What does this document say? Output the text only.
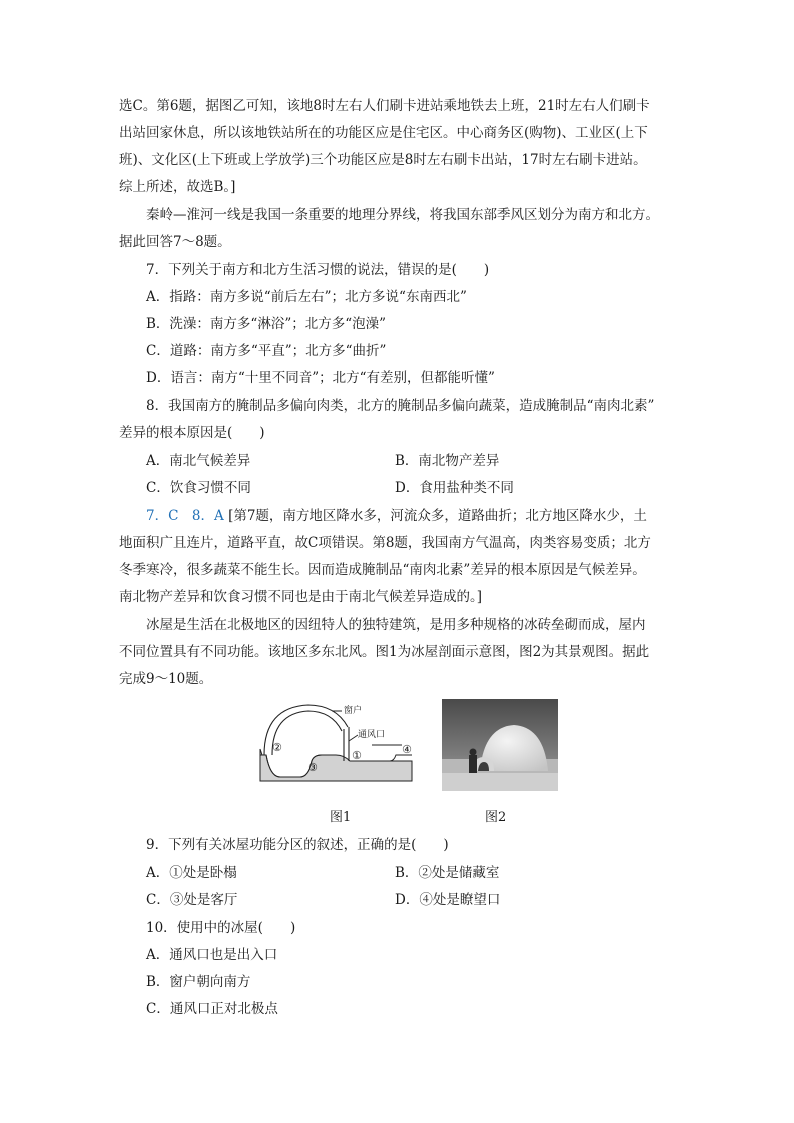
选C。第6题，据图乙可知，该地8时左右人们刷卡进站乘地铁去上班，21时左右人们刷卡
出站回家休息，所以该地铁站所在的功能区应是住宅区。中心商务区(购物)、工业区(上下
班)、文化区(上下班或上学放学)三个功能区应是8时左右刷卡出站，17时左右刷卡进站。
综上所述，故选B。]
秦岭—淮河一线是我国一条重要的地理分界线，将我国东部季风区划分为南方和北方。
据此回答7～8题。
7．下列关于南方和北方生活习惯的说法，错误的是(　　)
A．指路：南方多说“前后左右”；北方多说“东南西北”
B．洗澡：南方多“淋浴”；北方多“泡澡”
C．道路：南方多“平直”；北方多“曲折”
D．语言：南方“十里不同音”；北方“有差别，但都能听懂”
8．我国南方的腌制品多偏向肉类，北方的腌制品多偏向蔬菜，造成腌制品“南肉北素”
差异的根本原因是(　　)
A．南北气候差异	B．南北物产差异
C．饮食习惯不同	D．食用盐种类不同
7．C　8．A [第7题，南方地区降水多，河流众多，道路曲折；北方地区降水少，土
地面积广且连片，道路平直，故C项错误。第8题，我国南方气温高，肉类容易变质；北方
冬季寒冷，很多蔬菜不能生长。因而造成腌制品“南肉北素”差异的根本原因是气候差异。
南北物产差异和饮食习惯不同也是由于南北气候差异造成的。]
冰屋是生活在北极地区的因纽特人的独特建筑，是用多种规格的冰砖垒砌而成，屋内
不同位置具有不同功能。该地区多东北风。图1为冰屋剖面示意图，图2为其景观图。据此
完成9～10题。
窗户
通风口
②
③
①	④
图1	图2
9．下列有关冰屋功能分区的叙述，正确的是(　　)
A．①处是卧榻	B．②处是储藏室
C．③处是客厅	D．④处是瞭望口
10．使用中的冰屋(　　)
A．通风口也是出入口
B．窗户朝向南方
C．通风口正对北极点
